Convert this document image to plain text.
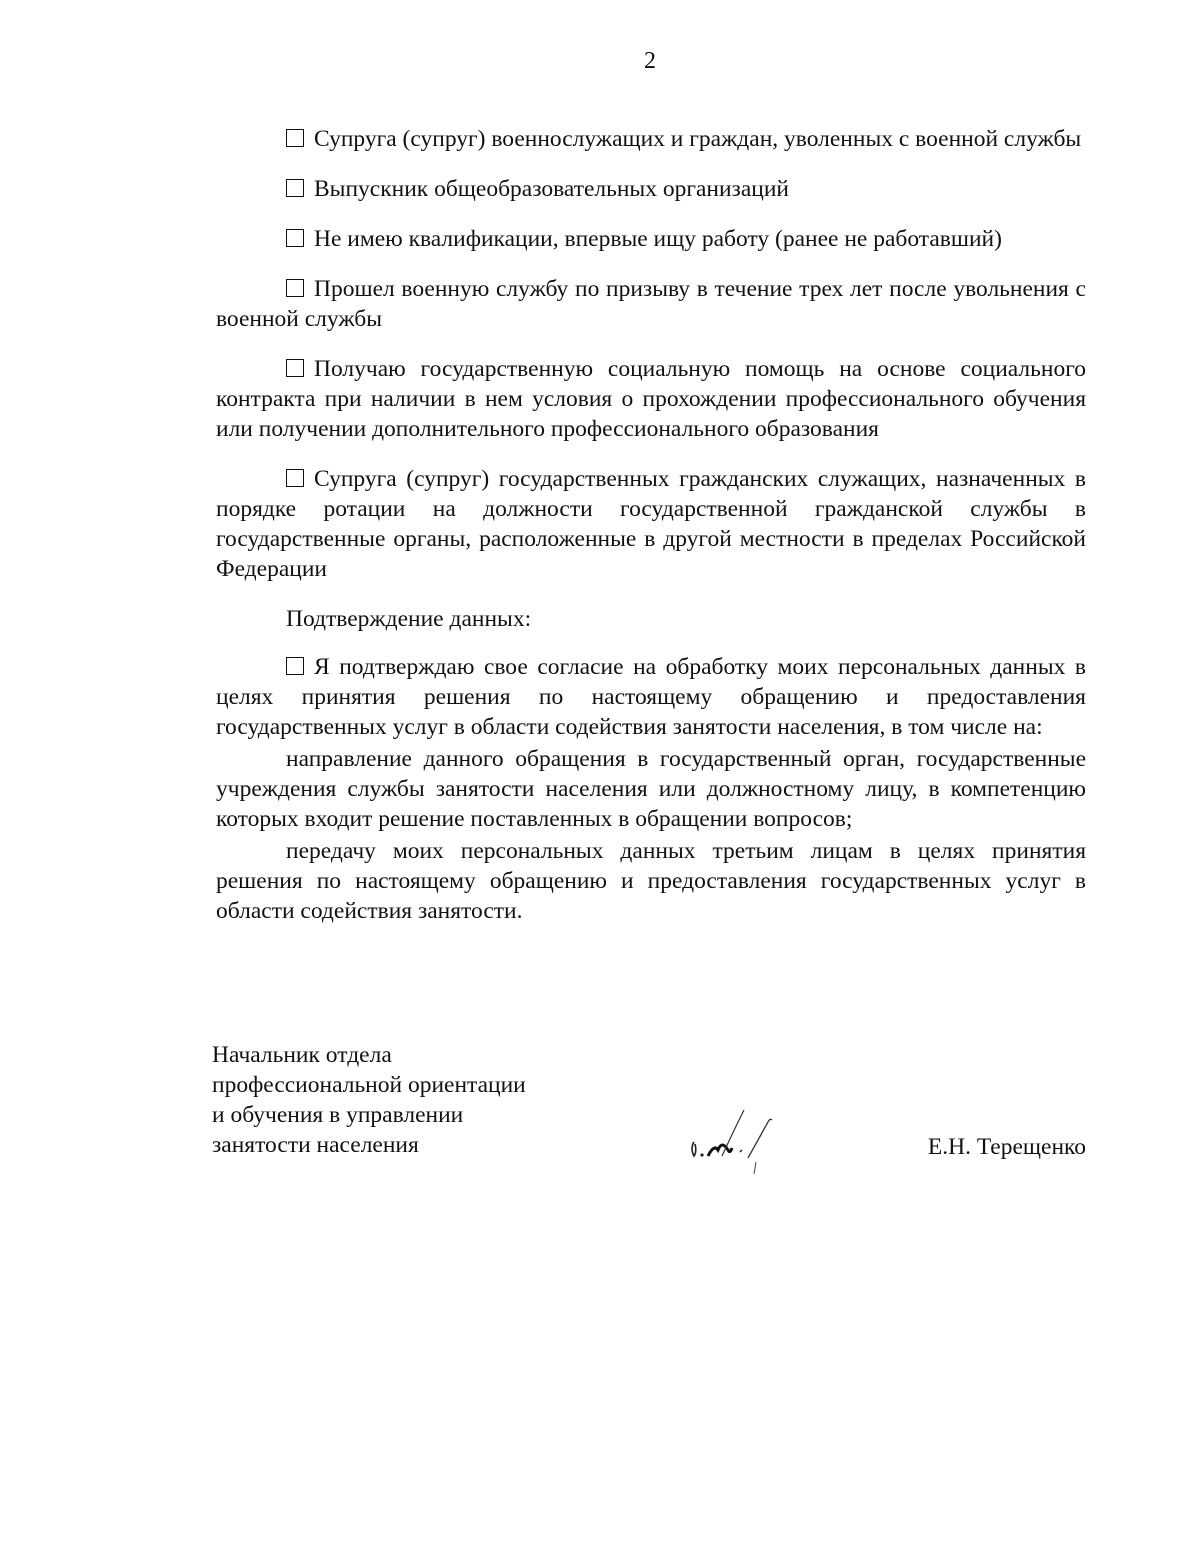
2

Супруга (супруг) военнослужащих и граждан, уволенных с военной службы

Выпускник общеобразовательных организаций

Не имею квалификации, впервые ищу работу (ранее не работавший)

Прошел военную службу по призыву в течение трех лет после увольнения с военной службы

Получаю государственную социальную помощь на основе социального контракта при наличии в нем условия о прохождении профессионального обучения или получении дополнительного профессионального образования

Супруга (супруг) государственных гражданских служащих, назначенных в порядке ротации на должности государственной гражданской службы в государственные органы, расположенные в другой местности в пределах Российской Федерации

Подтверждение данных:

Я подтверждаю свое согласие на обработку моих персональных данных в целях принятия решения по настоящему обращению и предоставления государственных услуг в области содействия занятости населения, в том числе на:

направление данного обращения в государственный орган, государственные учреждения службы занятости населения или должностному лицу, в компетенцию которых входит решение поставленных в обращении вопросов;

передачу моих персональных данных третьим лицам в целях принятия решения по настоящему обращению и предоставления государственных услуг в области содействия занятости.

Начальник отдела
профессиональной ориентации
и обучения в управлении
занятости населения	Е.Н. Терещенко
